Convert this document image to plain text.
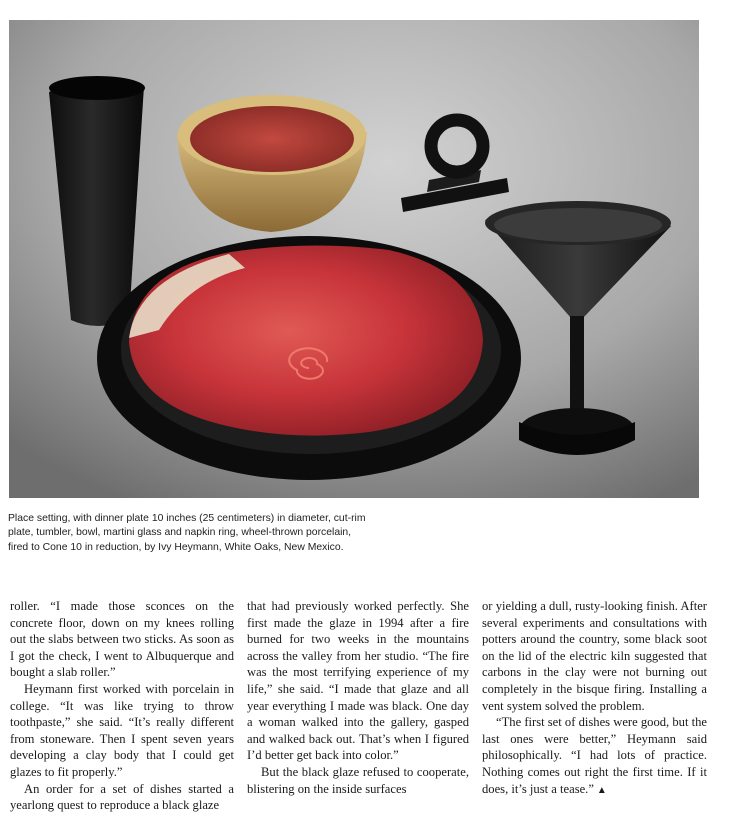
Place setting, with dinner plate 10 inches (25 centimeters) in diameter, cut-rim
plate, tumbler, bowl, martini glass and napkin ring, wheel-thrown porcelain,
fired to Cone 10 in reduction, by Ivy Heymann, White Oaks, New Mexico.

roller. “I made those sconces on the concrete floor, down on my knees rolling out the slabs between two sticks. As soon as I got the check, I went to Albuquerque and bought a slab roller.”

Heymann first worked with porcelain in college. “It was like trying to throw toothpaste,” she said. “It’s really different from stoneware. Then I spent seven years developing a clay body that I could get glazes to fit properly.”

An order for a set of dishes started a yearlong quest to reproduce a black glaze

that had previously worked perfectly. She first made the glaze in 1994 after a fire burned for two weeks in the mountains across the valley from her studio. “The fire was the most terrifying experience of my life,” she said. “I made that glaze and all year everything I made was black. One day a woman walked into the gallery, gasped and walked back out. That’s when I figured I’d better get back into color.”

But the black glaze refused to cooperate, blistering on the inside surfaces

or yielding a dull, rusty-looking finish. After several experiments and consultations with potters around the country, some black soot on the lid of the electric kiln suggested that carbons in the clay were not burning out completely in the bisque firing. Installing a vent system solved the problem.

“The first set of dishes were good, but the last ones were better,” Heymann said philosophically. “I had lots of practice. Nothing comes out right the first time. If it does, it’s just a tease.” ▲
